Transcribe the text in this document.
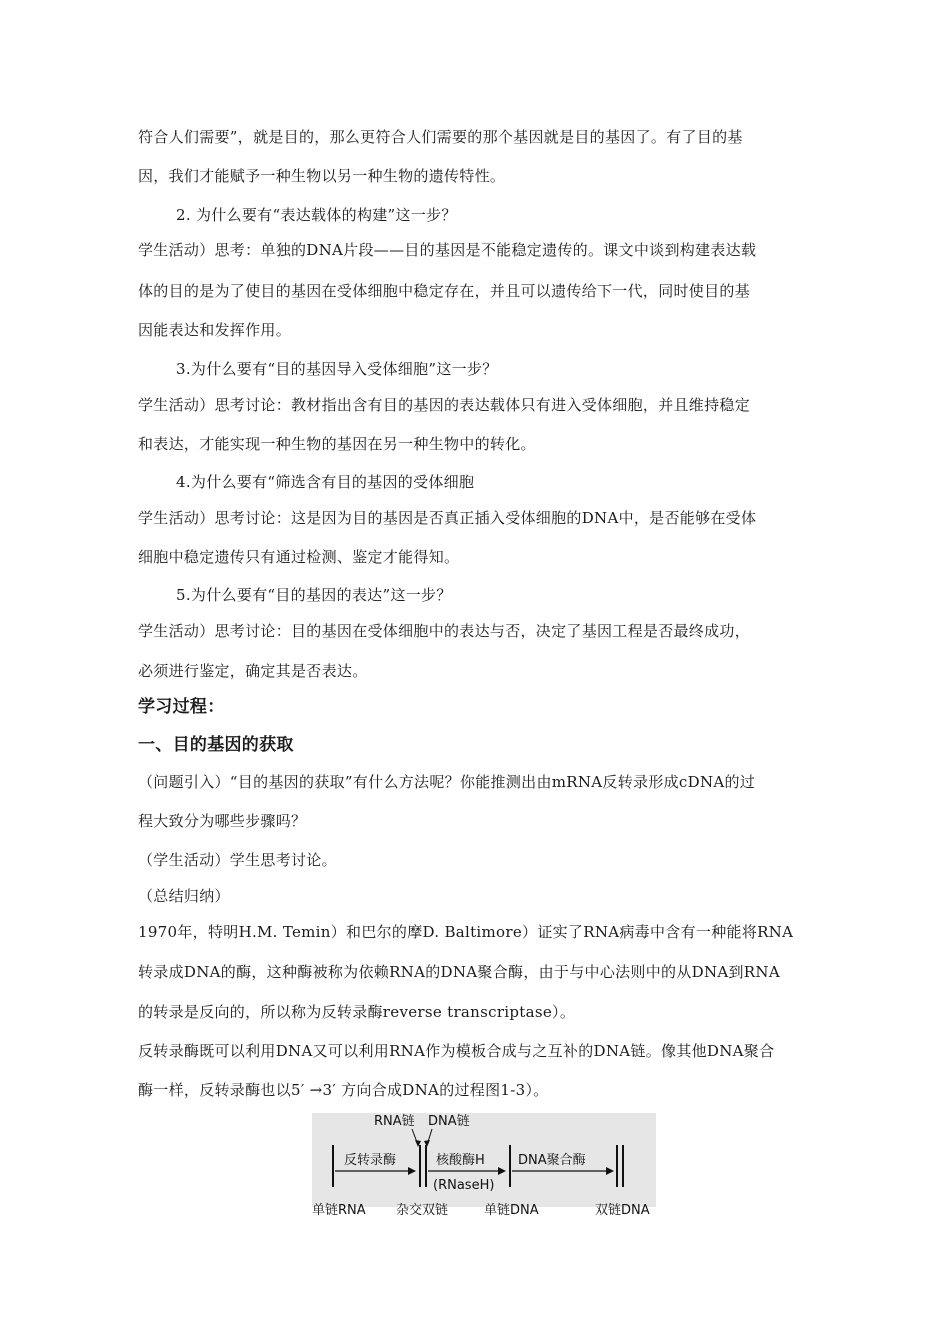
符合人们需要”，就是目的，那么更符合人们需要的那个基因就是目的基因了。有了目的基
因，我们才能赋予一种生物以另一种生物的遗传特性。
2. 为什么要有“表达载体的构建”这一步？
学生活动）思考：单独的DNA片段——目的基因是不能稳定遗传的。课文中谈到构建表达载
体的目的是为了使目的基因在受体细胞中稳定存在，并且可以遗传给下一代，同时使目的基
因能表达和发挥作用。
3.为什么要有“目的基因导入受体细胞”这一步？
学生活动）思考讨论：教材指出含有目的基因的表达载体只有进入受体细胞，并且维持稳定
和表达，才能实现一种生物的基因在另一种生物中的转化。
4.为什么要有“筛选含有目的基因的受体细胞
学生活动）思考讨论：这是因为目的基因是否真正插入受体细胞的DNA中，是否能够在受体
细胞中稳定遗传只有通过检测、鉴定才能得知。
5.为什么要有“目的基因的表达”这一步？
学生活动）思考讨论：目的基因在受体细胞中的表达与否，决定了基因工程是否最终成功，
必须进行鉴定，确定其是否表达。
学习过程：
一、目的基因的获取
（问题引入）“目的基因的获取”有什么方法呢？你能推测出由mRNA反转录形成cDNA的过
程大致分为哪些步骤吗？
（学生活动）学生思考讨论。
（总结归纳）
1970年，特明H.M. Temin）和巴尔的摩D. Baltimore）证实了RNA病毒中含有一种能将RNA
转录成DNA的酶，这种酶被称为依赖RNA的DNA聚合酶，由于与中心法则中的从DNA到RNA
的转录是反向的，所以称为反转录酶reverse transcriptase）。
反转录酶既可以利用DNA又可以利用RNA作为模板合成与之互补的DNA链。像其他DNA聚合
酶一样，反转录酶也以5′ →3′ 方向合成DNA的过程图1-3）。
RNA链 DNA链
反转录酶	核酸酶H
(RNaseH)
DNA聚合酶
单链RNA 杂交双链	单链DNA	双链DNA
